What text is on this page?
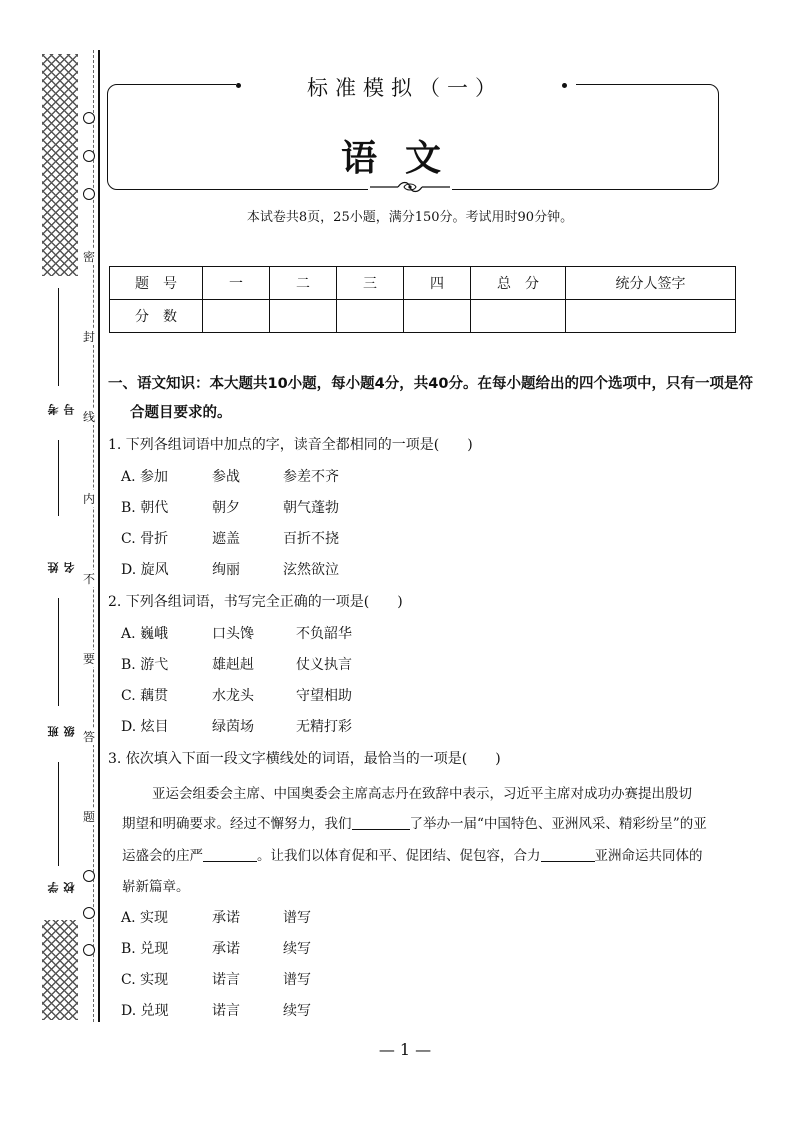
密
封
线
内
不
要
答
题
考号
姓名
班级
学校
标准模拟（一）
语文
本试卷共8页，25小题，满分150分。考试用时90分钟。
题　号	一	二	三	四	总　分	统分人签字
分　数						
一、语文知识：本大题共10小题，每小题4分，共40分。在每小题给出的四个选项中，只有一项是符
合题目要求的。
1. 下列各组词语中加点的字，读音全都相同的一项是(　　)
A. 参加	参战	参差不齐
B. 朝代	朝夕	朝气蓬勃
C. 骨折	遮盖	百折不挠
D. 旋风	绚丽	泫然欲泣
2. 下列各组词语，书写完全正确的一项是(　　)
A. 巍峨	口头馋	不负韶华
B. 游弋	雄赳赳	仗义执言
C. 藕贯	水龙头	守望相助
D. 炫目	绿茵场	无精打彩
3. 依次填入下面一段文字横线处的词语，最恰当的一项是(　　)
亚运会组委会主席、中国奥委会主席高志丹在致辞中表示，习近平主席对成功办赛提出殷切
期望和明确要求。经过不懈努力，我们	了举办一届“中国特色、亚洲风采、精彩纷呈”的亚
运盛会的庄严	。让我们以体育促和平、促团结、促包容，合力	亚洲命运共同体的
崭新篇章。
A. 实现	承诺	谱写
B. 兑现	承诺	续写
C. 实现	诺言	谱写
D. 兑现	诺言	续写
— 1 —
